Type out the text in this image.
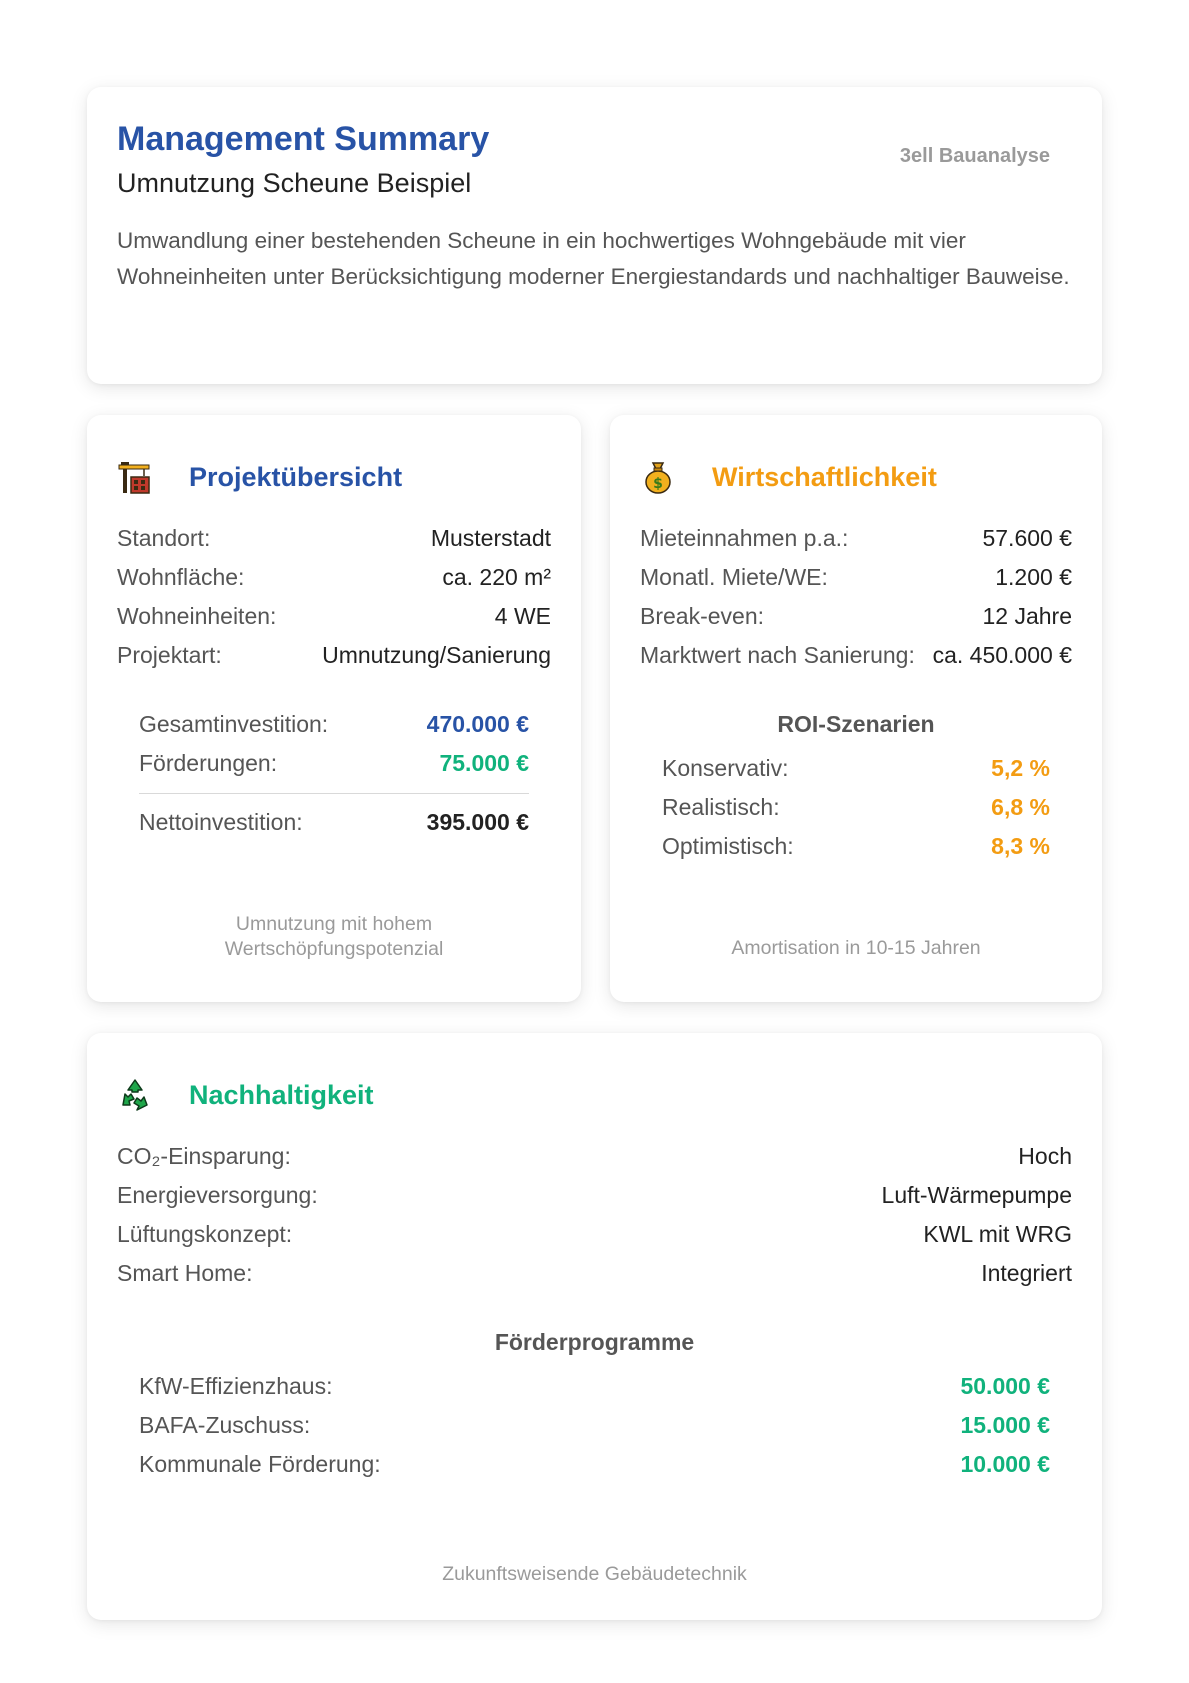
Management Summary
Umnutzung Scheune Beispiel
3ell Bauanalyse
Umwandlung einer bestehenden Scheune in ein hochwertiges Wohngebäude mit vier Wohneinheiten unter Berücksichtigung moderner Energiestandards und nachhaltiger Bauweise.
Projektübersicht
Standort:	Musterstadt
Wohnfläche:	ca. 220 m²
Wohneinheiten:	4 WE
Projektart:	Umnutzung/Sanierung
Gesamtinvestition:	470.000 €
Förderungen:	75.000 €
Nettoinvestition:	395.000 €
Umnutzung mit hohem
Wertschöpfungspotenzial
$ Wirtschaftlichkeit
Mieteinnahmen p.a.:	57.600 €
Monatl. Miete/WE:	1.200 €
Break-even:	12 Jahre
Marktwert nach Sanierung: ca. 450.000 €
ROI-Szenarien
Konservativ:	5,2 %
Realistisch:	6,8 %
Optimistisch:	8,3 %
Amortisation in 10-15 Jahren
Nachhaltigkeit
CO₂-Einsparung:	Hoch
Energieversorgung:	Luft-Wärmepumpe
Lüftungskonzept:	KWL mit WRG
Smart Home:	Integriert
Förderprogramme
KfW-Effizienzhaus:	50.000 €
BAFA-Zuschuss:	15.000 €
Kommunale Förderung:	10.000 €
Zukunftsweisende Gebäudetechnik
